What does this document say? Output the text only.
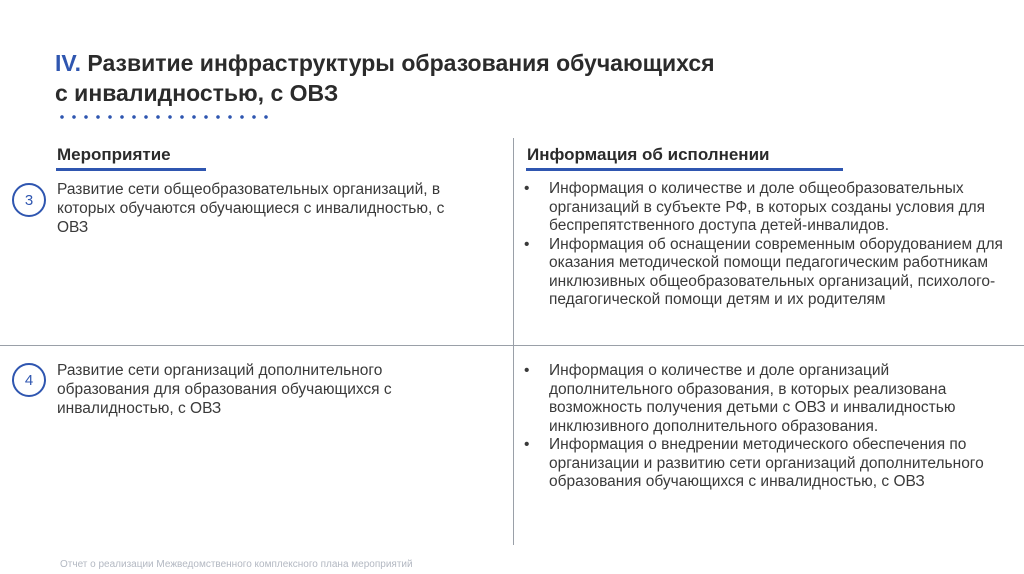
IV. Развитие инфраструктуры образования обучающихся
с инвалидностью, с ОВЗ
Мероприятие	Информация об исполнении
3
Развитие сети общеобразовательных организаций, в которых обучаются обучающиеся с инвалидностью, с ОВЗ
• Информация о количестве и доле общеобразовательных организаций в субъекте РФ, в которых созданы условия для беспрепятственного доступа детей-инвалидов.
• Информация об оснащении современным оборудованием для оказания методической помощи педагогическим работникам инклюзивных общеобразовательных организаций, психолого-педагогической помощи детям и их родителям
4
Развитие сети организаций дополнительного образования для образования обучающихся с инвалидностью, с ОВЗ
• Информация о количестве и доле организаций дополнительного образования, в которых реализована возможность получения детьми с ОВЗ и инвалидностью инклюзивного дополнительного образования.
• Информация о внедрении методического обеспечения по организации и развитию сети организаций дополнительного образования обучающихся с инвалидностью, с ОВЗ
Отчет о реализации Межведомственного комплексного плана мероприятий
